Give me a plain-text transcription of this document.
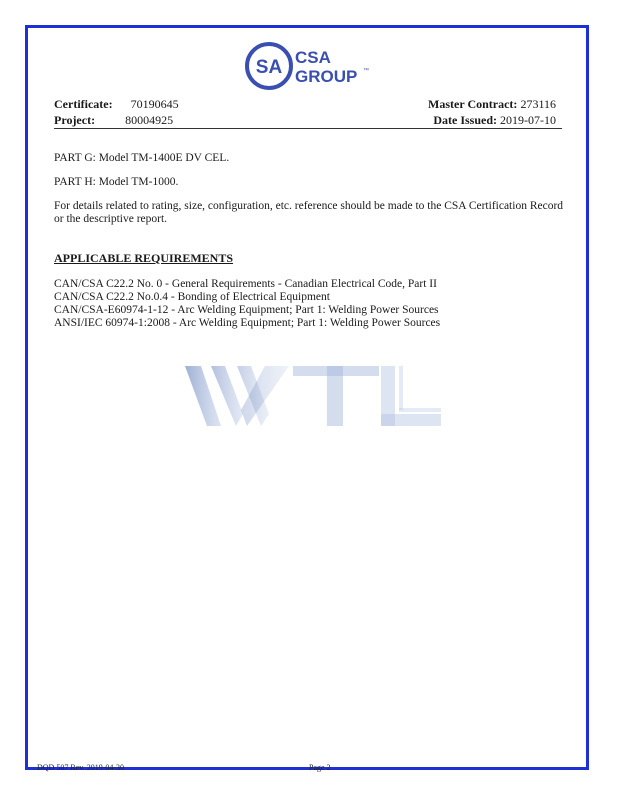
SA CSA
GROUP ™
Certificate: 70190645
Project:	80004925
Master Contract: 273116
Date Issued: 2019-07-10
PART G: Model TM-1400E DV CEL.
PART H: Model TM-1000.
For details related to rating, size, configuration, etc. reference should be made to the CSA Certification Record or the descriptive report.
APPLICABLE REQUIREMENTS
CAN/CSA C22.2 No. 0 - General Requirements - Canadian Electrical Code, Part II
CAN/CSA C22.2 No.0.4 - Bonding of Electrical Equipment
CAN/CSA-E60974-1-12 - Arc Welding Equipment; Part 1: Welding Power Sources
ANSI/IEC 60974-1:2008 - Arc Welding Equipment; Part 1: Welding Power Sources
DQD 507 Rev. 2019-04-30	Page 2
